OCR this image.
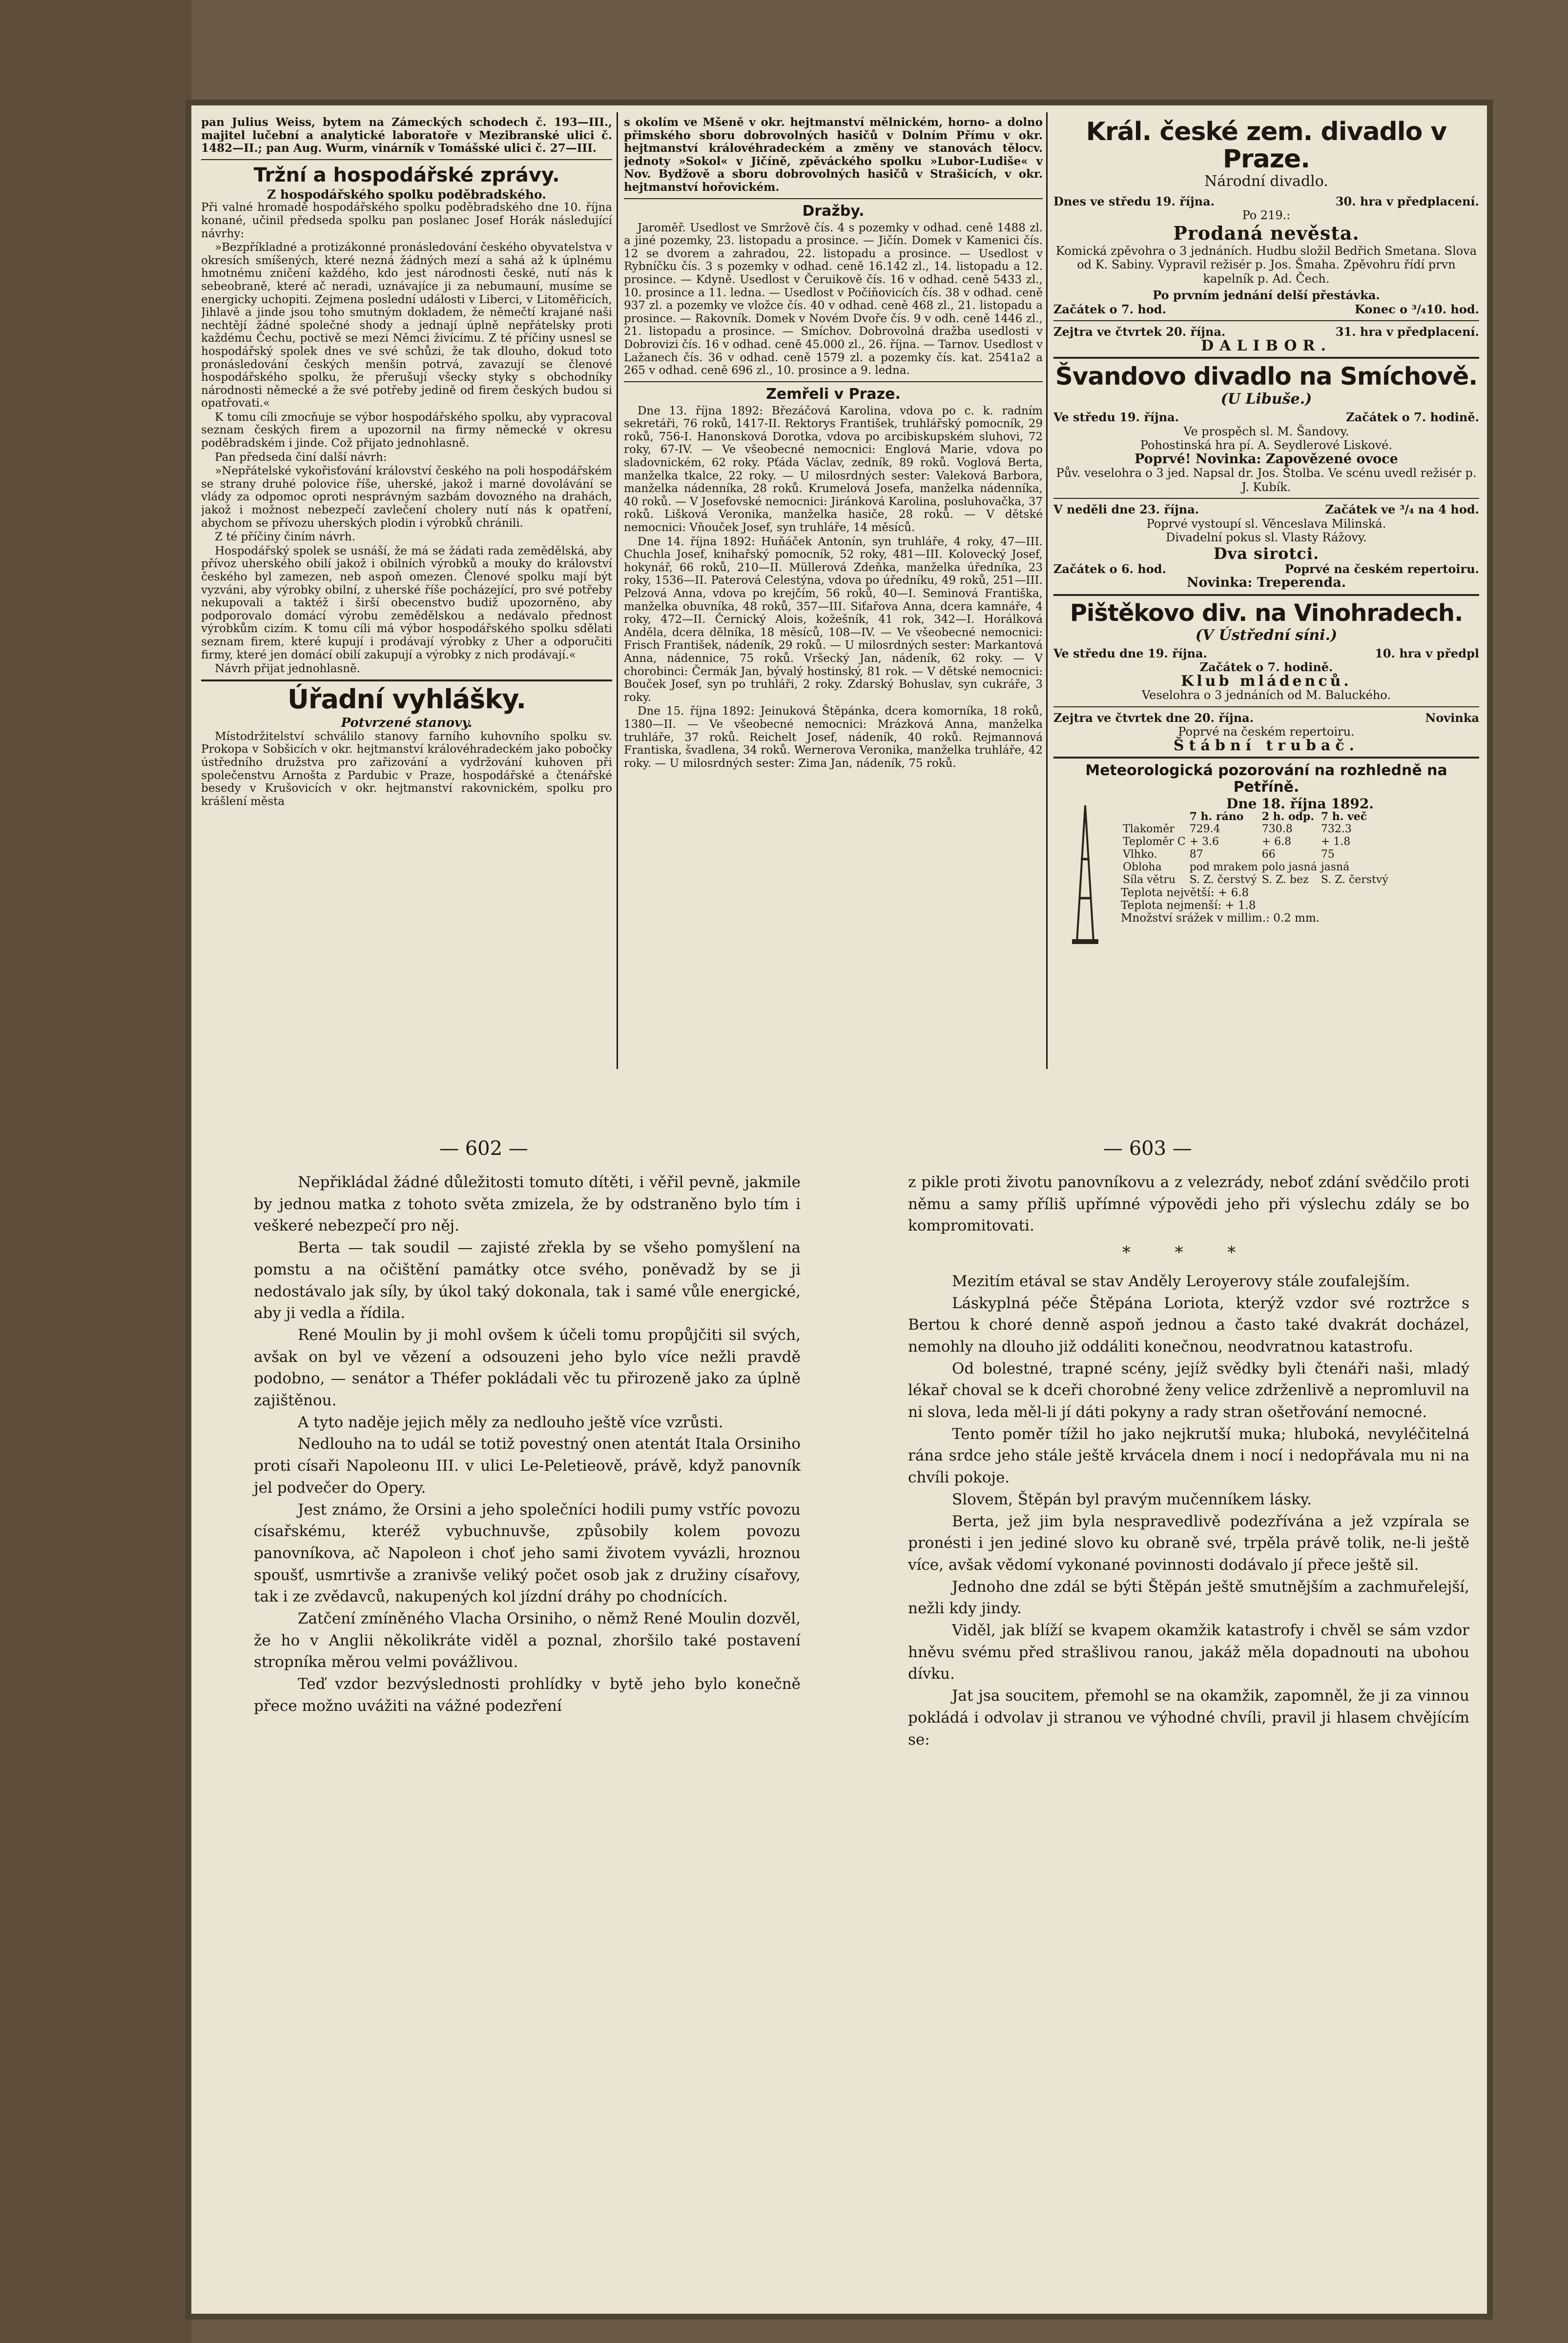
pan Julius Weiss, bytem na Zámeckých schodech č. 193—III., majitel lučební a analytické laboratoře v Mezibranské ulici č. 1482—II.; pan Aug. Wurm, vinárník v Tomášské ulici č. 27—III.

Tržní a hospodářské zprávy.
Z hospodářského spolku poděbradského.

Při valné hromadě hospodářského spolku poděbradského dne 10. října konané, učinil předseda spolku pan poslanec Josef Horák následující návrhy:

»Bezpříkladné a protizákonné pronásledování českého obyvatelstva v okresích smíšených, které nezná žádných mezí a sahá až k úplnému hmotnému zničení každého, kdo jest národnosti české, nutí nás k sebeobraně, které ač neradi, uznávajíce ji za nebumauní, musíme se energicky uchopiti. Zejmena poslední události v Liberci, v Litoměřicích, Jihlavě a jinde jsou toho smutným dokladem, že němečtí krajané naši nechtějí žádné společné shody a jednají úplně nepřátelsky proti každému Čechu, poctivě se mezi Němci živícímu. Z té příčiny usnesl se hospodářský spolek dnes ve své schůzi, že tak dlouho, dokud toto pronásledování českých menšin potrvá, zavazují se členové hospodářského spolku, že přerušují všecky styky s obchodníky národnosti německé a že své potřeby jedině od firem českých budou si opatřovati.«

K tomu cíli zmocňuje se výbor hospodářského spolku, aby vypracoval seznam českých firem a upozornil na firmy německé v okresu poděbradském i jinde. Což přijato jednohlasně.

Pan předseda činí další návrh:

»Nepřátelské vykořisťování království českého na poli hospodářském se strany druhé polovice říše, uherské, jakož i marné dovolávání se vlády za odpomoc oproti nesprávným sazbám dovozného na drahách, jakož i možnost nebezpečí zavlečení cholery nutí nás k opatření, abychom se přívozu uherských plodin i výrobků chránili.

Z té příčiny činím návrh.

Hospodářský spolek se usnáší, že má se žádati rada zemědělská, aby přívoz uherského obilí jakož i obilních výrobků a mouky do království českého byl zamezen, neb aspoň omezen. Členové spolku mají být vyzváni, aby výrobky obilní, z uherské říše pocházející, pro své potřeby nekupovali a taktéž i širší obecenstvo budiž upozorněno, aby podporovalo domácí výrobu zemědělskou a nedávalo přednost výrobkům cizím. K tomu cíli má výbor hospodářského spolku sdělati seznam firem, které kupují i prodávají výrobky z Uher a odporučiti firmy, které jen domácí obilí zakupují a výrobky z nich prodávají.«

Návrh přijat jednohlasně.

Úřadní vyhlášky.
Potvrzené stanovy.

Místodržitelství schválilo stanovy farního kuhovního spolku sv. Prokopa v Sobšicích v okr. hejtmanství královéhradeckém jako pobočky ústředního družstva pro zařizování a vydržování kuhoven při společenstvu Arnošta z Pardubic v Praze, hospodářské a čtenářské besedy v Krušovicích v okr. hejtmanství rakovnickém, spolku pro krášlení města

s okolím ve Mšeně v okr. hejtmanství mělnickém, horno- a dolno přimského sboru dobrovolných hasičů v Dolním Přímu v okr. hejtmanství královéhradeckém a změny ve stanovách tělocv. jednoty »Sokol« v Jičíně, zpěváckého spolku »Lubor-Ludiše« v Nov. Bydžově a sboru dobrovolných hasičů v Strašicích, v okr. hejtmanství hořovickém.

Dražby.

Jaroměř. Usedlost ve Smržově čís. 4 s pozemky v odhad. ceně 1488 zl. a jiné pozemky, 23. listopadu a prosince. — Jičín. Domek v Kamenici čís. 12 se dvorem a zahradou, 22. listopadu a prosince. — Usedlost v Rybníčku čís. 3 s pozemky v odhad. ceně 16.142 zl., 14. listopadu a 12. prosince. — Kdyně. Usedlost v Čeruikově čís. 16 v odhad. ceně 5433 zl., 10. prosince a 11. ledna. — Usedlost v Počiňovicích čís. 38 v odhad. ceně 937 zl. a pozemky ve vložce čís. 40 v odhad. ceně 468 zl., 21. listopadu a prosince. — Rakovník. Domek v Novém Dvoře čís. 9 v odh. ceně 1446 zl., 21. listopadu a prosince. — Smíchov. Dobrovolná dražba usedlosti v Dobrovizi čís. 16 v odhad. ceně 45.000 zl., 26. října. — Tarnov. Usedlost v Lažanech čís. 36 v odhad. ceně 1579 zl. a pozemky čís. kat. 2541a2 a 265 v odhad. ceně 696 zl., 10. prosince a 9. ledna.

Zemřeli v Praze.

Dne 13. října 1892: Březáčová Karolina, vdova po c. k. radním sekretáři, 76 roků, 1417-II. Rektorys František, truhlářský pomocník, 29 roků, 756-I. Hanonsková Dorotka, vdova po arcibiskupském sluhovi, 72 roky, 67-IV. — Ve všeobecné nemocnici: Englová Marie, vdova po sladovnickém, 62 roky. Pťáda Václav, zedník, 89 roků. Voglová Berta, manželka tkalce, 22 roky. — U milosrdných sester: Valeková Barbora, manželka nádenníka, 28 roků. Krumelová Josefa, manželka nádenníka, 40 roků. — V Josefovské nemocnici: Jiránková Karolina, posluhovačka, 37 roků. Lišková Veronika, manželka hasiče, 28 roků. — V dětské nemocnici: Vňouček Josef, syn truhláře, 14 měsíců.

Dne 14. října 1892: Huňáček Antonín, syn truhláře, 4 roky, 47—III. Chuchla Josef, knihařský pomocník, 52 roky, 481—III. Kolovecký Josef, hokynář, 66 roků, 210—II. Müllerová Zdeňka, manželka úředníka, 23 roky, 1536—II. Paterová Celestýna, vdova po úředníku, 49 roků, 251—III. Pelzová Anna, vdova po krejčím, 56 roků, 40—I. Seminová Františka, manželka obuvníka, 48 roků, 357—III. Siťařova Anna, dcera kamnáře, 4 roky, 472—II. Černický Alois, kožešník, 41 rok, 342—I. Horálková Anděla, dcera dělníka, 18 měsíců, 108—IV. — Ve všeobecné nemocnici: Frisch František, nádeník, 29 roků. — U milosrdných sester: Markantová Anna, nádennice, 75 roků. Vršecký Jan, nádeník, 62 roky. — V chorobinci: Čermák Jan, bývalý hostinský, 81 rok. — V dětské nemocnici: Bouček Josef, syn po truhláři, 2 roky. Zdarský Bohuslav, syn cukráře, 3 roky.

Dne 15. října 1892: Jeinuková Štěpánka, dcera komorníka, 18 roků, 1380—II. — Ve všeobecné nemocnici: Mrázková Anna, manželka truhláře, 37 roků. Reichelt Josef, nádeník, 40 roků. Rejmannová Frantiska, švadlena, 34 roků. Wernerova Veronika, manželka truhláře, 42 roky. — U milosrdných sester: Zima Jan, nádeník, 75 roků.

Král. české zem. divadlo v Praze.
Národní divadlo.
Dnes ve středu 19. října.	30. hra v předplacení.
Po 219.:
Prodaná nevěsta.
Komická zpěvohra o 3 jednáních. Hudbu složil Bedřich Smetana. Slova od K. Sabiny. Vypravil režisér p. Jos. Šmaha. Zpěvohru řídí prvn kapelník p. Ad. Čech.
Po prvním jednání delší přestávka.
Začátek o 7. hod.	Konec o ³/₄10. hod.
Zejtra ve čtvrtek 20. října.	31. hra v předplacení.
DALIBOR.
Švandovo divadlo na Smíchově.
(U Libuše.)
Ve středu 19. října.	Začátek o 7. hodině.
Ve prospěch sl. M. Šandovy.
Pohostinská hra pí. A. Seydlerové Liskové.
Poprvé! Novinka: Zapovězené ovoce
Pův. veselohra o 3 jed. Napsal dr. Jos. Štolba. Ve scénu uvedl režisér p. J. Kubík.
V neděli dne 23. října.	Začátek ve ³/₄ na 4 hod.
Poprvé vystoupí sl. Věnceslava Milinská.
Divadelní pokus sl. Vlasty Rážovy.
Dva sirotci.
Začátek o 6. hod.	Poprvé na českém repertoiru.
Novinka: Treperenda.
Pištěkovo div. na Vinohradech.
(V Ústřední síni.)
Ve středu dne 19. října.	10. hra v předpl
Začátek o 7. hodině.
Klub mládenců.
Veselohra o 3 jednáních od M. Baluckého.
Zejtra ve čtvrtek dne 20. října.	Novinka
Poprvé na českém repertoiru.
Štábní trubač.
Meteorologická pozorování na rozhledně na Petříně.
Dne 18. října 1892.
	7 h. ráno	2 h. odp.	7 h. več
Tlakoměr	729.4	730.8	732.3
Teploměr C	+ 3.6	+ 6.8	+ 1.8
Vlhko.	87	66	75
Obloha	pod mrakem	polo jasná	jasná
Síla větru	S. Z. čerstvý	S. Z. bez	S. Z. čerstvý
Teplota největší: + 6.8
Teplota nejmenší: + 1.8
Množství srážek v millim.: 0.2 mm.
— 602 —	— 603 —

Nepřikládal žádné důležitosti tomuto dítěti, i věřil pevně, jakmile by jednou matka z tohoto světa zmizela, že by odstraněno bylo tím i veškeré nebezpečí pro něj.

Berta — tak soudil — zajisté zřekla by se všeho pomyšlení na pomstu a na očištění památky otce svého, poněvadž by se ji nedostávalo jak síly, by úkol taký dokonala, tak i samé vůle energické, aby ji vedla a řídila.

René Moulin by ji mohl ovšem k účeli tomu propůjčiti sil svých, avšak on byl ve vězení a odsouzeni jeho bylo více nežli pravdě podobno, — senátor a Théfer pokládali věc tu přirozeně jako za úplně zajištěnou.

A tyto naděje jejich měly za nedlouho ještě více vzrůsti.

Nedlouho na to udál se totiž povestný onen atentát Itala Orsiniho proti císaři Napoleonu III. v ulici Le-Peletieově, právě, když panovník jel podvečer do Opery.

Jest známo, že Orsini a jeho společníci hodili pumy vstříc povozu císařskému, kteréž vybuchnuvše, způsobily kolem povozu panovníkova, ač Napoleon i choť jeho sami životem vyvázli, hroznou spoušť, usmrtivše a zranivše veliký počet osob jak z družiny císařovy, tak i ze zvědavců, nakupených kol jízdní dráhy po chodnících.

Zatčení zmíněného Vlacha Orsiniho, o němž René Moulin dozvěl, že ho v Anglii několikráte viděl a poznal, zhoršilo také postavení stropníka měrou velmi povážlivou.

Teď vzdor bezvýslednosti prohlídky v bytě jeho bylo konečně přece možno uvážiti na vážné podezření

z pikle proti životu panovníkovu a z velezrády, neboť zdání svědčilo proti němu a samy příliš upřímné výpovědi jeho při výslechu zdály se bo kompromitovati.

* * *

Mezitím etával se stav Anděly Leroyerovy stále zoufalejším.

Láskyplná péče Štěpána Loriota, kterýž vzdor své roztržce s Bertou k choré denně aspoň jednou a často také dvakrát docházel, nemohly na dlouho již oddáliti konečnou, neodvratnou katastrofu.

Od bolestné, trapné scény, jejíž svědky byli čtenáři naši, mladý lékař choval se k dceři chorobné ženy velice zdrženlivě a nepromluvil na ni slova, leda měl-li jí dáti pokyny a rady stran ošetřování nemocné.

Tento poměr tížil ho jako nejkrutší muka; hluboká, nevyléčitelná rána srdce jeho stále ještě krvácela dnem i nocí i nedopřávala mu ni na chvíli pokoje.

Slovem, Štěpán byl pravým mučenníkem lásky.

Berta, jež jim byla nespravedlivě podezřívána a jež vzpírala se pronésti i jen jediné slovo ku obraně své, trpěla právě tolik, ne-li ještě více, avšak vědomí vykonané povinnosti dodávalo jí přece ještě sil.

Jednoho dne zdál se býti Štěpán ještě smutnějším a zachmuřelejší, nežli kdy jindy.

Viděl, jak blíží se kvapem okamžik katastrofy i chvěl se sám vzdor hněvu svému před strašlivou ranou, jakáž měla dopadnouti na ubohou dívku.

Jat jsa soucitem, přemohl se na okamžik, zapomněl, že ji za vinnou pokládá i odvolav ji stranou ve výhodné chvíli, pravil ji hlasem chvějícím se:
